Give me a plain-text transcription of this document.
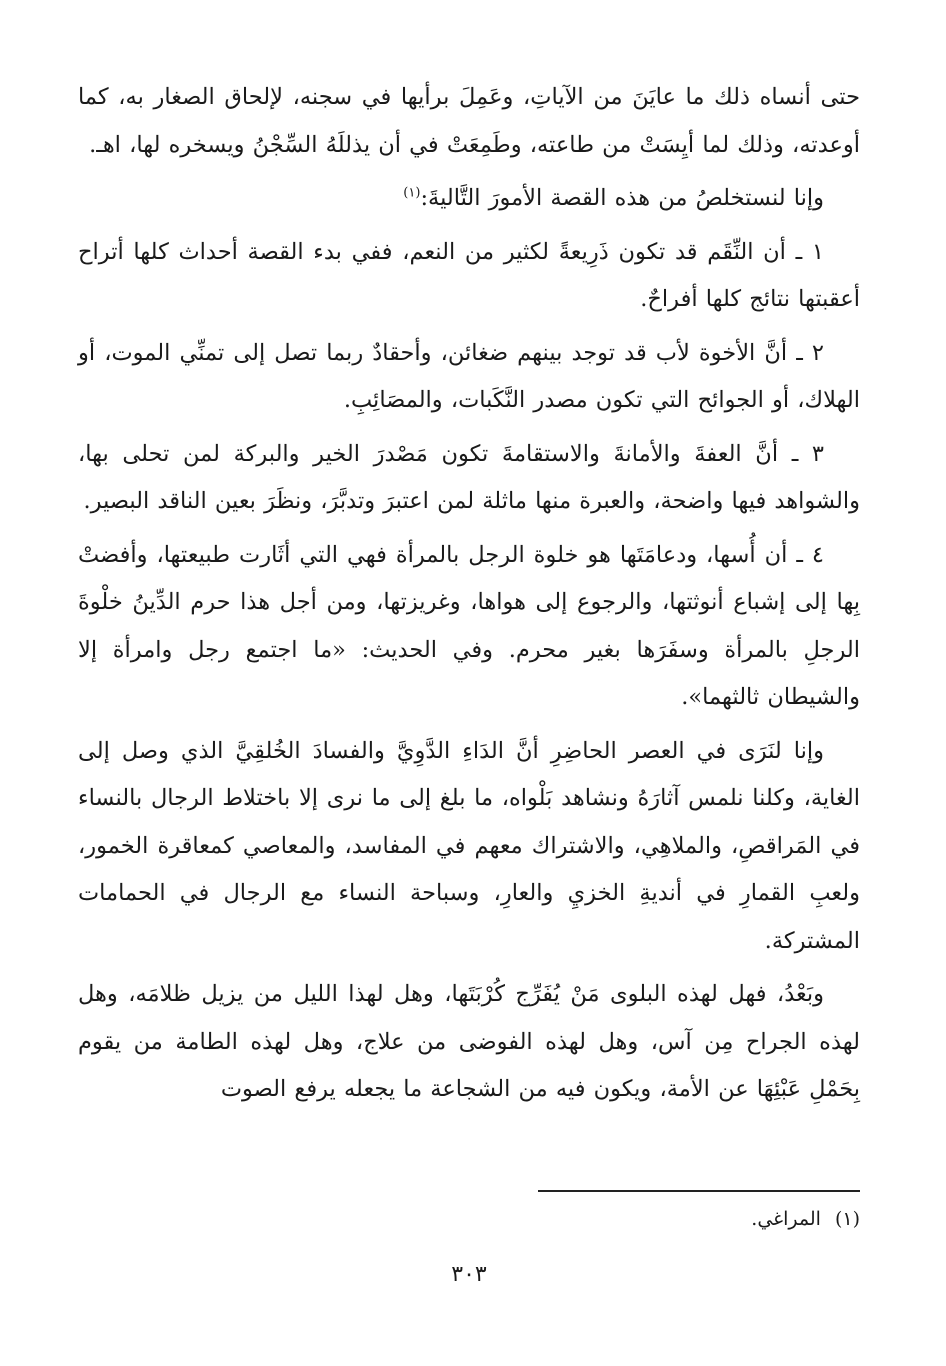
حتى أنساه ذلك ما عايَنَ من الآياتِ، وعَمِلَ برأيها في سجنه، لإلحاق الصغار به، كما أوعدته، وذلك لما أيِسَتْ من طاعته، وطَمِعَتْ في أن يذللَهُ السِّجْنُ ويسخره لها، اهـ.

وإنا لنستخلصُ من هذه القصة الأمورَ التَّاليةَ:$^{(١)}$

١ ـ أن النِّقَم قد تكون ذَرِيعةً لكثير من النعم، ففي بدء القصة أحداث كلها أتراح أعقبتها نتائج كلها أفراحٌ.

٢ ـ أنَّ الأخوة لأب قد توجد بينهم ضغائن، وأحقادٌ ربما تصل إلى تمنِّي الموت، أو الهلاك، أو الجوائح التي تكون مصدر النَّكَبات، والمصَائِبِ.

٣ ـ أنَّ العفةَ والأمانةَ والاستقامةَ تكون مَصْدرَ الخير والبركة لمن تحلى بها، والشواهد فيها واضحة، والعبرة منها ماثلة لمن اعتبرَ وتدبَّرَ، ونظَرَ بعين الناقد البصير.

٤ ـ أن أُسها، ودعامَتَها هو خلوة الرجل بالمرأة فهي التي أثَارت طبيعتها، وأفضتْ بِها إلى إشباع أنوثتها، والرجوع إلى هواها، وغريزتها، ومن أجل هذا حرم الدِّينُ خلْوةَ الرجلِ بالمرأة وسفَرَها بغير محرم. وفي الحديث: «ما اجتمع رجل وامرأة إلا والشيطان ثالثهما».

وإنا لنَرَى في العصر الحاضِرِ أنَّ الدَاءِ الدَّوِيَّ والفسادَ الخُلقِيَّ الذي وصل إلى الغاية، وكلنا نلمس آثارَهُ ونشاهد بَلْواه، ما بلغ إلى ما نرى إلا باختلاط الرجال بالنساء في المَراقصِ، والملاهِي، والاشتراك معهم في المفاسد، والمعاصي كمعاقرة الخمور، ولعبِ القمارِ في أنديةِ الخزيِ والعارِ، وسباحة النساء مع الرجال في الحمامات المشتركة.

وبَعْدُ، فهل لهذه البلوى مَنْ يُفَرِّج كُرْبَتَها، وهل لهذا الليل من يزيل ظلامَه، وهل لهذه الجراح مِن آس، وهل لهذه الفوضى من علاج، وهل لهذه الطامة من يقوم بِحَمْلِ عَبْئِهَا عن الأمة، ويكون فيه من الشجاعة ما يجعله يرفع الصوت

(١)المراغي.
٣٠٣
